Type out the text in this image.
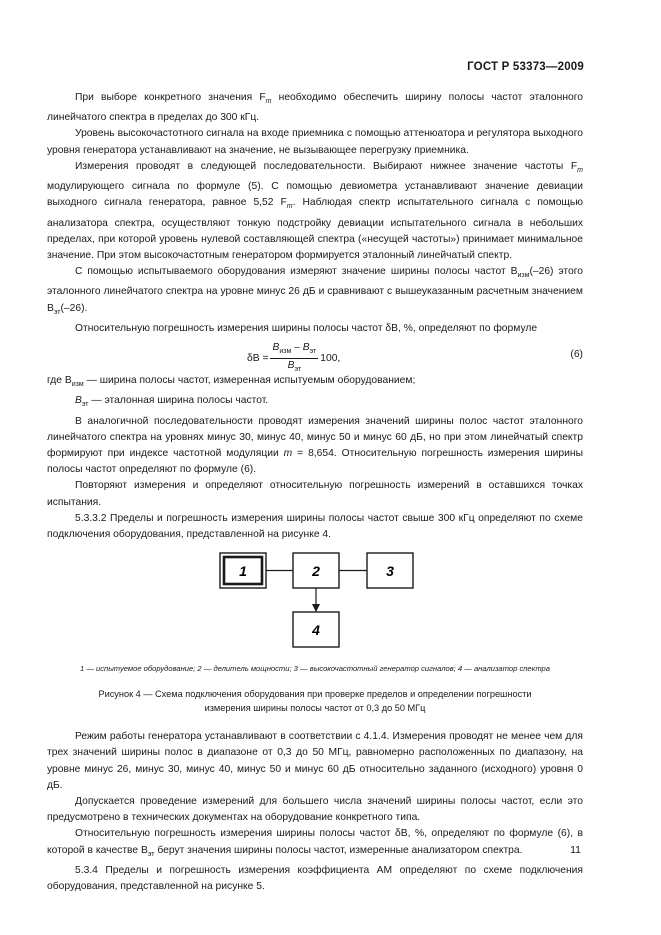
ГОСТ Р 53373—2009

При выборе конкретного значения $F_m$ необходимо обеспечить ширину полосы частот эталонного линейчатого спектра в пределах до 300 кГц.

Уровень высокочастотного сигнала на входе приемника с помощью аттенюатора и регулятора выходного уровня генератора устанавливают на значение, не вызывающее перегрузку приемника.

Измерения проводят в следующей последовательности. Выбирают нижнее значение частоты $F_m$ модулирующего сигнала по формуле (5). С помощью девиометра устанавливают значение девиации выходного сигнала генератора, равное 5,52 $F_m$. Наблюдая спектр испытательного сигнала с помощью анализатора спектра, осуществляют тонкую подстройку девиации испытательного сигнала в небольших пределах, при которой уровень нулевой составляющей спектра («несущей частоты») принимает минимальное значение. При этом высокочастотным генератором формируется эталонный линейчатый спектр.

С помощью испытываемого оборудования измеряют значение ширины полосы частот $B_{изм}(-26)$ этого эталонного линейчатого спектра на уровне минус 26 дБ и сравнивают с вышеуказанным расчетным значением $B_{эт}(-26)$.

Относительную погрешность измерения ширины полосы частот δB, %, определяют по формуле

$\delta B = \frac{B_{изм} - B_{эт}}{B_{эт}} 100$,	(6)

где $B_{изм}$ — ширина полосы частот, измеренная испытуемым оборудованием;

$B_{эт}$ — эталонная ширина полосы частот.

В аналогичной последовательности проводят измерения значений ширины полос частот эталонного линейчатого спектра на уровнях минус 30, минус 40, минус 50 и минус 60 дБ, но при этом линейчатый спектр формируют при индексе частотной модуляции m = 8,654. Относительную погрешность измерения ширины полосы частот определяют по формуле (6).

Повторяют измерения и определяют относительную погрешность измерений в оставшихся точках испытания.

5.3.3.2 Пределы и погрешность измерения ширины полосы частот свыше 300 кГц определяют по схеме подключения оборудования, представленной на рисунке 4.

1	2	3
4
1 — испытуемое оборудование; 2 — делитель мощности; 3 — высокочастотный генератор сигналов; 4 — анализатор спектра

Рисунок 4 — Схема подключения оборудования при проверке пределов и определении погрешности

измерения ширины полосы частот от 0,3 до 50 МГц

Режим работы генератора устанавливают в соответствии с 4.1.4. Измерения проводят не менее чем для трех значений ширины полос в диапазоне от 0,3 до 50 МГц, равномерно расположенных по диапазону, на уровне минус 26, минус 30, минус 40, минус 50 и минус 60 дБ относительно заданного (исходного) уровня 0 дБ.

Допускается проведение измерений для большего числа значений ширины полосы частот, если это предусмотрено в технических документах на оборудование конкретного типа.

Относительную погрешность измерения ширины полосы частот δB, %, определяют по формуле (6), в которой в качестве $B_{эт}$ берут значения ширины полосы частот, измеренные анализатором спектра.

5.3.4 Пределы и погрешность измерения коэффициента АМ определяют по схеме подключения оборудования, представленной на рисунке 5.

11
